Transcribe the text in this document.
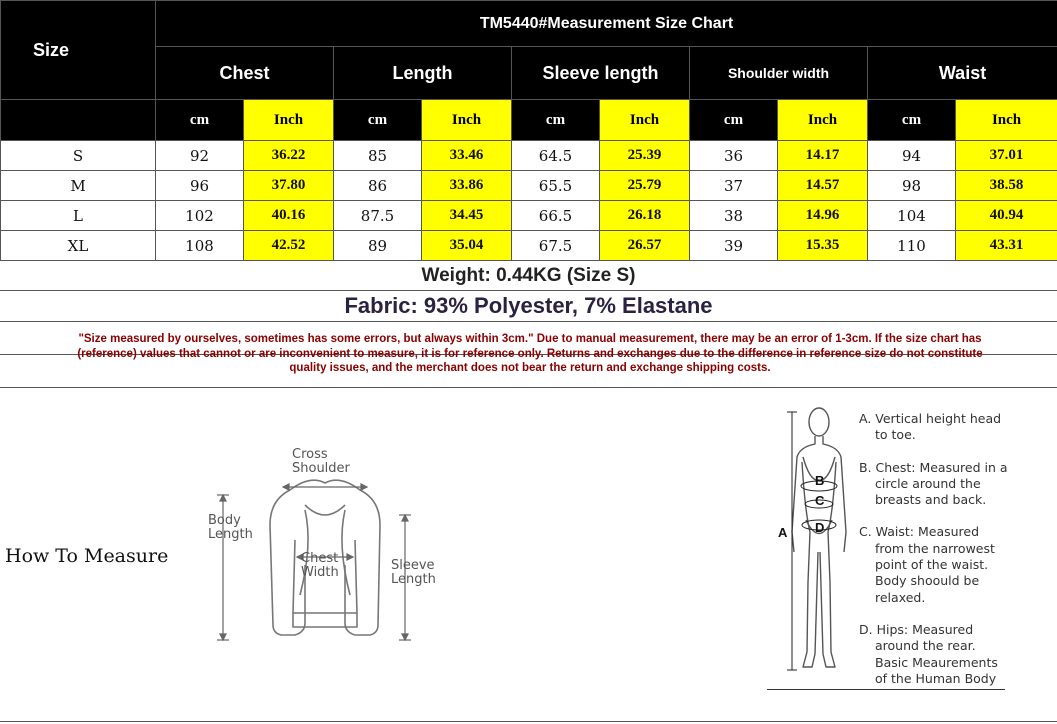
Size	TM5440#Measurement Size Chart									
	Chest		Length		Sleeve length		Shoulder width		Waist	
	cm	Inch	cm	Inch	cm	Inch	cm	Inch	cm	Inch
S	92	36.22	85	33.46	64.5	25.39	36	14.17	94	37.01
M	96	37.80	86	33.86	65.5	25.79	37	14.57	98	38.58
L	102	40.16	87.5	34.45	66.5	26.18	38	14.96	104	40.94
XL	108	42.52	89	35.04	67.5	26.57	39	15.35	110	43.31
Weight: 0.44KG (Size S)
Fabric: 93% Polyester, 7% Elastane
"Size measured by ourselves, sometimes has some errors, but always within 3cm." Due to manual measurement, there may be an error of 1-3cm. If the size chart has (reference) values that cannot or are inconvenient to measure, it is for reference only. Returns and exchanges due to the difference in reference size do not constitute quality issues, and the merchant does not bear the return and exchange shipping costs.
How To Measure
Cross
Shoulder
Body
Length
Chest
Width	Sleeve
Length
A
B
C
D

A. Vertical height head
to toe.

B. Chest: Measured in a
circle around the
breasts and back.

C. Waist: Measured
from the narrowest
point of the waist.
Body shoould be
relaxed.

D. Hips: Measured
around the rear.
Basic Meaurements
of the Human Body
